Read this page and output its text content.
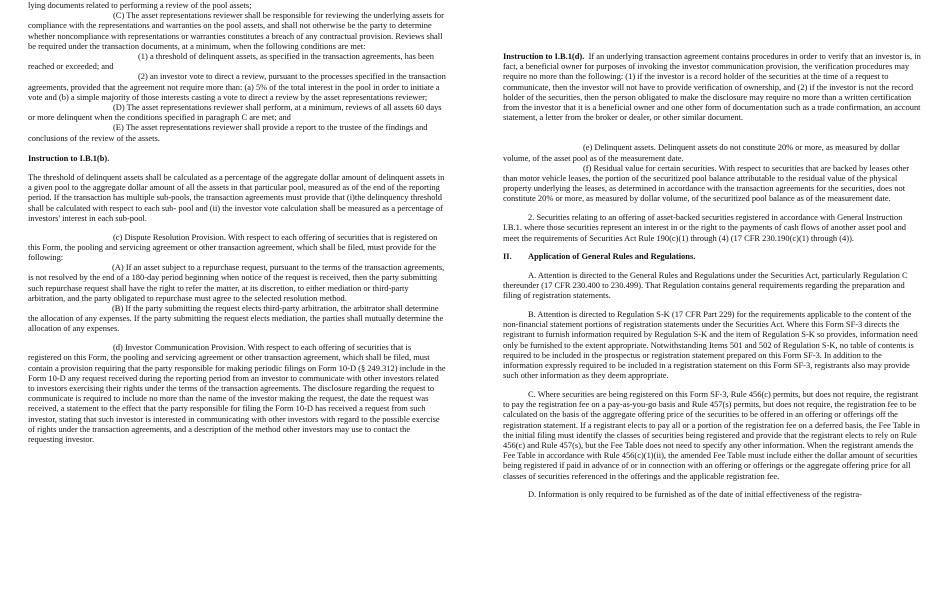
lying documents related to performing a review of the pool assets;

(C) The asset representations reviewer shall be responsible for reviewing the underlying assets for compliance with the representations and warranties on the pool assets, and shall not otherwise be the party to determine whether noncompliance with representations or warranties constitutes a breach of any contractual provision. Reviews shall be required under the transaction documents, at a minimum, when the following conditions are met:

(1) a threshold of delinquent assets, as specified in the transaction agreements, has been reached or exceeded; and

(2) an investor vote to direct a review, pursuant to the processes specified in the transaction agreements, provided that the agreement not require more than: (a) 5% of the total interest in the pool in order to initiate a vote and (b) a simple majority of those interests casting a vote to direct a review by the asset representations reviewer;

(D) The asset representations reviewer shall perform, at a minimum, reviews of all assets 60 days or more delinquent when the conditions specified in paragraph C are met; and

(E) The asset representations reviewer shall provide a report to the trustee of the findings and conclusions of the review of the assets.

Instruction to I.B.1(b).

The threshold of delinquent assets shall be calculated as a percentage of the aggregate dollar amount of delinquent assets in a given pool to the aggregate dollar amount of all the assets in that particular pool, measured as of the end of the reporting period. If the transaction has multiple sub-pools, the transaction agreements must provide that (i)the delinquency threshold shall be calculated with respect to each sub- pool and (ii) the investor vote calculation shall be measured as a percentage of investors' interest in each sub-pool.

(c) Dispute Resolution Provision. With respect to each offering of securities that is registered on this Form, the pooling and servicing agreement or other transaction agreement, which shall be filed, must provide for the following:

(A) If an asset subject to a repurchase request, pursuant to the terms of the transaction agreements, is not resolved by the end of a 180-day period beginning when notice of the request is received, then the party submitting such repurchase request shall have the right to refer the matter, at its discretion, to either mediation or third-party arbitration, and the party obligated to repurchase must agree to the selected resolution method.

(B) If the party submitting the request elects third-party arbitration, the arbitrator shall determine the allocation of any expenses. If the party submitting the request elects mediation, the parties shall mutually determine the allocation of any expenses.

(d) Investor Communication Provision. With respect to each offering of securities that is registered on this Form, the pooling and servicing agreement or other transaction agreement, which shall be filed, must contain a provision requiring that the party responsible for making periodic filings on Form 10-D (§ 249.312) include in the Form 10-D any request received during the reporting period from an investor to communicate with other investors related to investors exercising their rights under the terms of the transaction agreements. The disclosure regarding the request to communicate is required to include no more than the name of the investor making the request, the date the request was received, a statement to the effect that the party responsible for filing the Form 10-D has received a request from such investor, stating that such investor is interested in communicating with other investors with regard to the possible exercise of rights under the transaction agreements, and a description of the method other investors may use to contact the requesting investor.

Instruction to I.B.1(d). If an underlying transaction agreement contains procedures in order to verify that an investor is, in fact, a beneficial owner for purposes of invoking the investor communication provision, the verification procedures may require no more than the following: (1) if the investor is a record holder of the securities at the time of a request to communicate, then the investor will not have to provide verification of ownership, and (2) if the investor is not the record holder of the securities, then the person obligated to make the disclosure may require no more than a written certification from the investor that it is a beneficial owner and one other form of documentation such as a trade confirmation, an account statement, a letter from the broker or dealer, or other similar document.

(e) Delinquent assets. Delinquent assets do not constitute 20% or more, as measured by dollar volume, of the asset pool as of the measurement date.

(f) Residual value for certain securities. With respect to securities that are backed by leases other than motor vehicle leases, the portion of the securitized pool balance attributable to the residual value of the physical property underlying the leases, as determined in accordance with the transaction agreements for the securities, does not constitute 20% or more, as measured by dollar volume, of the securitized pool balance as of the measurement date.

2. Securities relating to an offering of asset-backed securities registered in accordance with General Instruction I.B.1. where those securities represent an interest in or the right to the payments of cash flows of another asset pool and meet the requirements of Securities Act Rule 190(c)(1) through (4) (17 CFR 230.190(c)(1) through (4)).

II. Application of General Rules and Regulations.

A. Attention is directed to the General Rules and Regulations under the Securities Act, particularly Regulation C thereunder (17 CFR 230.400 to 230.499). That Regulation contains general requirements regarding the preparation and filing of registration statements.

B. Attention is directed to Regulation S-K (17 CFR Part 229) for the requirements applicable to the content of the non-financial statement portions of registration statements under the Securities Act. Where this Form SF-3 directs the registrant to furnish information required by Regulation S-K and the item of Regulation S-K so provides, information need only be furnished to the extent appropriate. Notwithstanding Items 501 and 502 of Regulation S-K, no table of contents is required to be included in the prospectus or registration statement prepared on this Form SF-3. In addition to the information expressly required to be included in a registration statement on this Form SF-3, registrants also may provide such other information as they deem appropriate.

C. Where securities are being registered on this Form SF-3, Rule 456(c) permits, but does not require, the registrant to pay the registration fee on a pay-as-you-go basis and Rule 457(s) permits, but does not require, the registration fee to be calculated on the basis of the aggregate offering price of the securities to be offered in an offering or offerings off the registration statement. If a registrant elects to pay all or a portion of the registration fee on a deferred basis, the Fee Table in the initial filing must identify the classes of securities being registered and provide that the registrant elects to rely on Rule 456(c) and Rule 457(s), but the Fee Table does not need to specify any other information. When the registrant amends the Fee Table in accordance with Rule 456(c)(1)(ii), the amended Fee Table must include either the dollar amount of securities being registered if paid in advance of or in connection with an offering or offerings or the aggregate offering price for all classes of securities referenced in the offerings and the applicable registration fee.

D. Information is only required to be furnished as of the date of initial effectiveness of the registra-
